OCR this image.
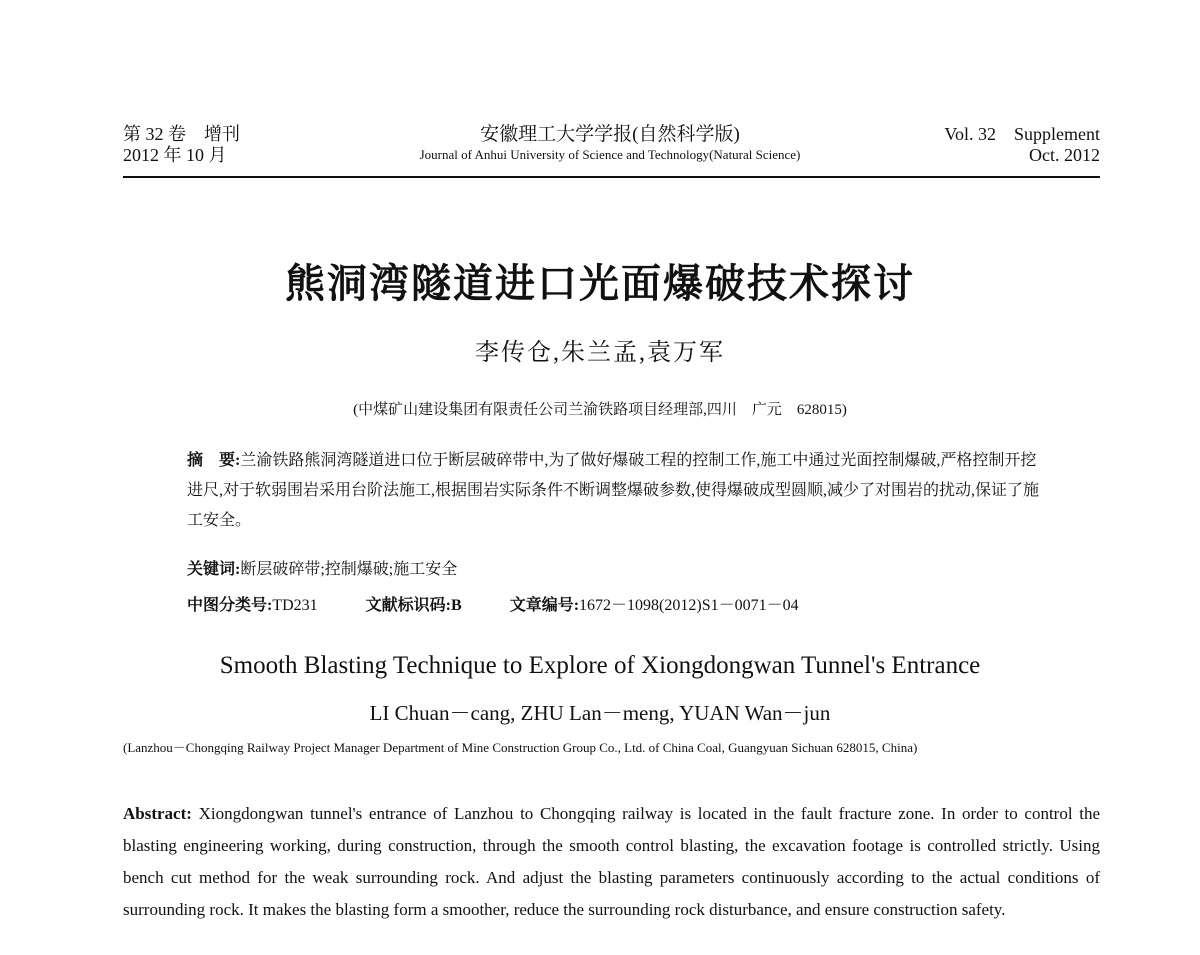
第 32 卷　增刊
2012 年 10 月
安徽理工大学学报(自然科学版)
Journal of Anhui University of Science and Technology(Natural Science)
Vol. 32　Supplement
Oct. 2012
熊洞湾隧道进口光面爆破技术探讨
李传仓,朱兰孟,袁万军
(中煤矿山建设集团有限责任公司兰渝铁路项目经理部,四川　广元　628015)
摘　要:兰渝铁路熊洞湾隧道进口位于断层破碎带中,为了做好爆破工程的控制工作,施工中通过光面控制爆破,严格控制开挖进尺,对于软弱围岩采用台阶法施工,根据围岩实际条件不断调整爆破参数,使得爆破成型圆顺,减少了对围岩的扰动,保证了施工安全。
关键词:断层破碎带;控制爆破;施工安全
中图分类号:TD231	文献标识码:B	文章编号:1672－1098(2012)S1－0071－04
Smooth Blasting Technique to Explore of Xiongdongwan Tunnel's Entrance
LI Chuan－cang, ZHU Lan－meng, YUAN Wan－jun
(Lanzhou－Chongqing Railway Project Manager Department of Mine Construction Group Co., Ltd. of China Coal, Guangyuan Sichuan 628015, China)
Abstract: Xiongdongwan tunnel's entrance of Lanzhou to Chongqing railway is located in the fault fracture zone. In order to control the blasting engineering working, during construction, through the smooth control blasting, the excavation footage is controlled strictly. Using bench cut method for the weak surrounding rock. And adjust the blasting parameters continuously according to the actual conditions of surrounding rock. It makes the blasting form a smoother, reduce the surrounding rock disturbance, and ensure construction safety.
